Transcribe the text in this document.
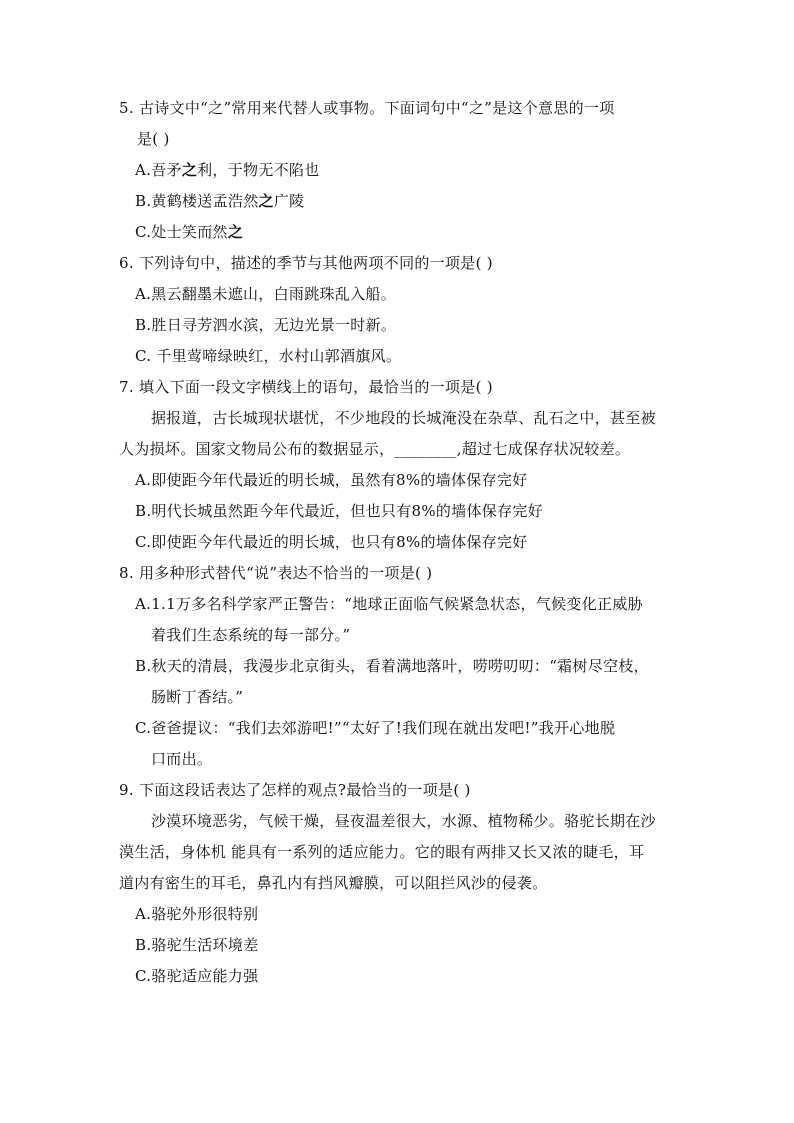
5. 古诗文中“之”常用来代替人或事物。下面词句中“之”是这个意思的一项
是( )
A.吾矛之利，于物无不陷也
B.黄鹤楼送孟浩然之广陵
C.处士笑而然之
6. 下列诗句中，描述的季节与其他两项不同的一项是( )
A.黑云翻墨未遮山，白雨跳珠乱入船。
B.胜日寻芳泗水滨，无边光景一时新。
C. 千里莺啼绿映红，水村山郭酒旗风。
7. 填入下面一段文字横线上的语句，最恰当的一项是( )
据报道，古长城现状堪忧，不少地段的长城淹没在杂草、乱石之中，甚至被
人为损坏。国家文物局公布的数据显示，________,超过七成保存状况较差。
A.即使距今年代最近的明长城，虽然有8%的墙体保存完好
B.明代长城虽然距今年代最近，但也只有8%的墙体保存完好
C.即使距今年代最近的明长城，也只有8%的墙体保存完好
8. 用多种形式替代“说”表达不恰当的一项是( )
A.1.1万多名科学家严正警告：“地球正面临气候紧急状态，气候变化正威胁
着我们生态系统的每一部分。”
B.秋天的清晨，我漫步北京街头，看着满地落叶，唠唠叨叨：“霜树尽空枝，
肠断丁香结。”
C.爸爸提议：“我们去郊游吧!”“太好了!我们现在就出发吧!”我开心地脱
口而出。
9. 下面这段话表达了怎样的观点?最恰当的一项是( )
沙漠环境恶劣，气候干燥，昼夜温差很大，水源、植物稀少。骆驼长期在沙
漠生活，身体机 能具有一系列的适应能力。它的眼有两排又长又浓的睫毛，耳
道内有密生的耳毛，鼻孔内有挡风瓣膜，可以阻拦风沙的侵袭。
A.骆驼外形很特别
B.骆驼生活环境差
C.骆驼适应能力强
